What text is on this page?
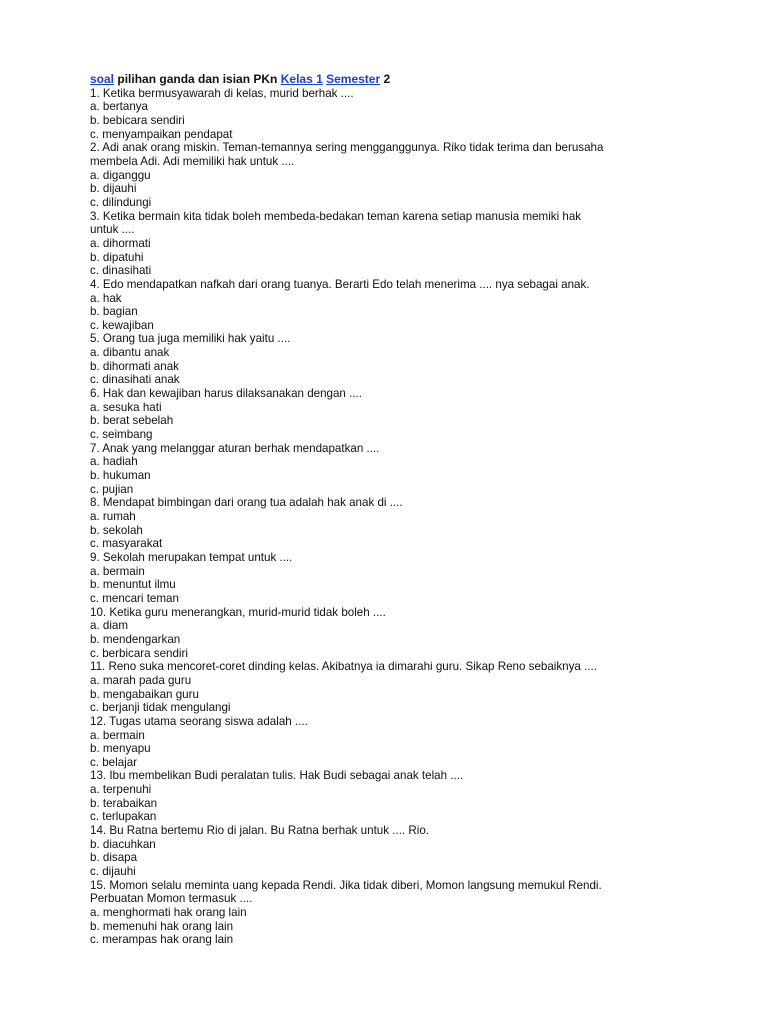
soal pilihan ganda dan isian PKn Kelas 1 Semester 2

1. Ketika bermusyawarah di kelas, murid berhak ....

a. bertanya

b. bebicara sendiri

c. menyampaikan pendapat

2. Adi anak orang miskin. Teman-temannya sering mengganggunya. Riko tidak terima dan berusaha

membela Adi. Adi memiliki hak untuk ....

a. diganggu

b. dijauhi

c. dilindungi

3. Ketika bermain kita tidak boleh membeda-bedakan teman karena setiap manusia memiki hak

untuk ....

a. dihormati

b. dipatuhi

c. dinasihati

4. Edo mendapatkan nafkah dari orang tuanya. Berarti Edo telah menerima .... nya sebagai anak.

a. hak

b. bagian

c. kewajiban

5. Orang tua juga memiliki hak yaitu ....

a. dibantu anak

b. dihormati anak

c. dinasihati anak

6. Hak dan kewajiban harus dilaksanakan dengan ....

a. sesuka hati

b. berat sebelah

c. seimbang

7. Anak yang melanggar aturan berhak mendapatkan ....

a. hadiah

b. hukuman

c. pujian

8. Mendapat bimbingan dari orang tua adalah hak anak di ....

a. rumah

b. sekolah

c. masyarakat

9. Sekolah merupakan tempat untuk ....

a. bermain

b. menuntut ilmu

c. mencari teman

10. Ketika guru menerangkan, murid-murid tidak boleh ....

a. diam

b. mendengarkan

c. berbicara sendiri

11. Reno suka mencoret-coret dinding kelas. Akibatnya ia dimarahi guru. Sikap Reno sebaiknya ....

a. marah pada guru

b. mengabaikan guru

c. berjanji tidak mengulangi

12. Tugas utama seorang siswa adalah ....

a. bermain

b. menyapu

c. belajar

13. Ibu membelikan Budi peralatan tulis. Hak Budi sebagai anak telah ....

a. terpenuhi

b. terabaikan

c. terlupakan

14. Bu Ratna bertemu Rio di jalan. Bu Ratna berhak untuk .... Rio.

b. diacuhkan

b. disapa

c. dijauhi

15. Momon selalu meminta uang kepada Rendi. Jika tidak diberi, Momon langsung memukul Rendi.

Perbuatan Momon termasuk ....

a. menghormati hak orang lain

b. memenuhi hak orang lain

c. merampas hak orang lain
